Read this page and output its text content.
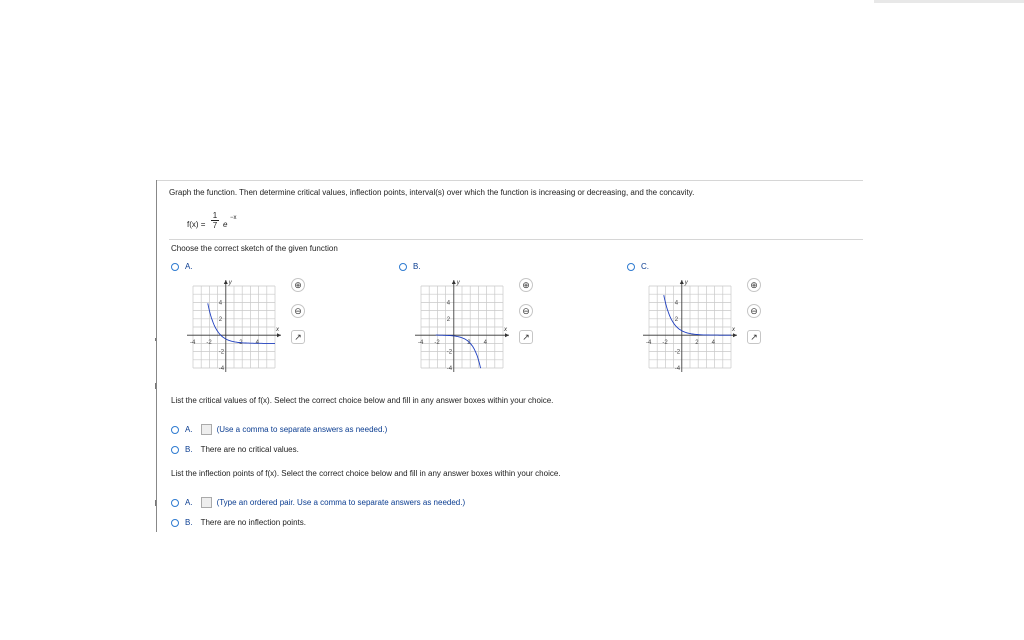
Graph the function. Then determine critical values, inflection points, interval(s) over which the function is increasing or decreasing, and the concavity.
f(x) =
1
7 e
−x
Choose the correct sketch of the given function
A.	B.	C.
y
x
-4 -2	2 4
4
2
-2
-4
y
x
-4 -2	2 4
4
2
-2
-4
y
x
-4 -2	2 4
4
2
-2
-4
⊕
⊖
↗
⊕
⊖
↗
⊕
⊖
↗
List the critical values of f(x). Select the correct choice below and fill in any answer boxes within your choice.
A.	(Use a comma to separate answers as needed.)
B. There are no critical values.
List the inflection points of f(x). Select the correct choice below and fill in any answer boxes within your choice.
A.	(Type an ordered pair. Use a comma to separate answers as needed.)
B. There are no inflection points.
